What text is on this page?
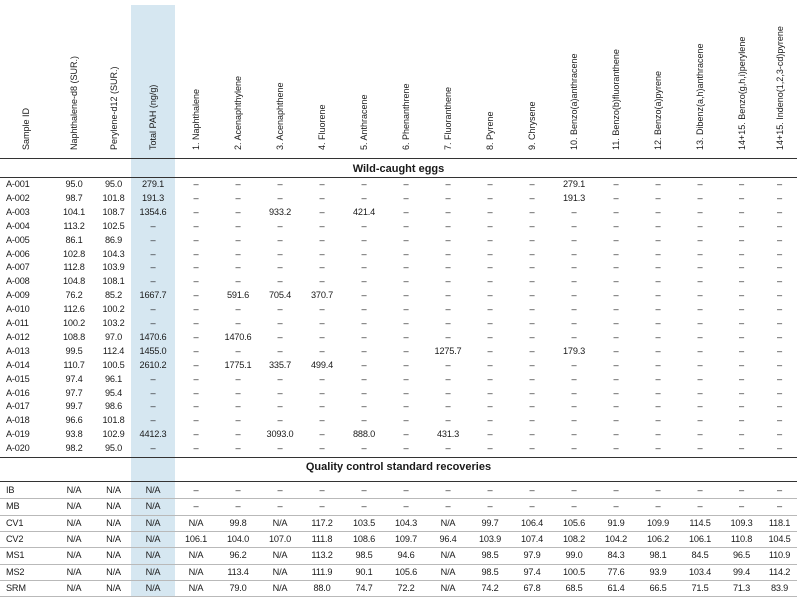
Sample ID	Naphthalene-d8 (SUR.)	Perylene-d12 (SUR.)	Total PAH (ng/g)	1. Naphthalene	2. Acenaphthylene	3. Acenaphthene	4. Fluorene	5. Anthracene	6. Phenanthrene	7. Fluoranthene	8. Pyrene	9. Chrysene	10. Benzo(a)anthracene	11. Benzo(b)fluoranthene	12. Benzo(a)pyrene	13. Dibenz(a,h)anthracene	14+15. Benzo(g,h,i)perylene	14+15. Indeno(1,2,3-cd)pyrene
Wild-caught eggs
A-001	95.0	95.0	279.1	–	–	–	–	–	–	–	–	–	279.1	–	–	–	–	–
A-002	98.7	101.8	191.3	–	–	–	–	–	–	–	–	–	191.3	–	–	–	–	–
A-003	104.1	108.7	1354.6	–	–	933.2	–	421.4	–	–	–	–	–	–	–	–	–	–
A-004	113.2	102.5	–	–	–	–	–	–	–	–	–	–	–	–	–	–	–	–
A-005	86.1	86.9	–	–	–	–	–	–	–	–	–	–	–	–	–	–	–	–
A-006	102.8	104.3	–	–	–	–	–	–	–	–	–	–	–	–	–	–	–	–
A-007	112.8	103.9	–	–	–	–	–	–	–	–	–	–	–	–	–	–	–	–
A-008	104.8	108.1	–	–	–	–	–	–	–	–	–	–	–	–	–	–	–	–
A-009	76.2	85.2	1667.7	–	591.6	705.4	370.7	–	–	–	–	–	–	–	–	–	–	–
A-010	112.6	100.2	–	–	–	–	–	–	–	–	–	–	–	–	–	–	–	–
A-011	100.2	103.2	–	–	–	–	–	–	–	–	–	–	–	–	–	–	–	–
A-012	108.8	97.0	1470.6	–	1470.6	–	–	–	–	–	–	–	–	–	–	–	–	–
A-013	99.5	112.4	1455.0	–	–	–	–	–	–	1275.7	–	–	179.3	–	–	–	–	–
A-014	110.7	100.5	2610.2	–	1775.1	335.7	499.4	–	–	–	–	–	–	–	–	–	–	–
A-015	97.4	96.1	–	–	–	–	–	–	–	–	–	–	–	–	–	–	–	–
A-016	97.7	95.4	–	–	–	–	–	–	–	–	–	–	–	–	–	–	–	–
A-017	99.7	98.6	–	–	–	–	–	–	–	–	–	–	–	–	–	–	–	–
A-018	96.6	101.8	–	–	–	–	–	–	–	–	–	–	–	–	–	–	–	–
A-019	93.8	102.9	4412.3	–	–	3093.0	–	888.0	–	431.3	–	–	–	–	–	–	–	–
A-020	98.2	95.0	–	–	–	–	–	–	–	–	–	–	–	–	–	–	–	–
Quality control standard recoveries
IB	N/A	N/A	N/A	–	–	–	–	–	–	–	–	–	–	–	–	–	–	–
MB	N/A	N/A	N/A	–	–	–	–	–	–	–	–	–	–	–	–	–	–	–
CV1	N/A	N/A	N/A	N/A	99.8	N/A	117.2	103.5	104.3	N/A	99.7	106.4	105.6	91.9	109.9	114.5	109.3	118.1
CV2	N/A	N/A	N/A	106.1	104.0	107.0	111.8	108.6	109.7	96.4	103.9	107.4	108.2	104.2	106.2	106.1	110.8	104.5
MS1	N/A	N/A	N/A	N/A	96.2	N/A	113.2	98.5	94.6	N/A	98.5	97.9	99.0	84.3	98.1	84.5	96.5	110.9
MS2	N/A	N/A	N/A	N/A	113.4	N/A	111.9	90.1	105.6	N/A	98.5	97.4	100.5	77.6	93.9	103.4	99.4	114.2
SRM	N/A	N/A	N/A	N/A	79.0	N/A	88.0	74.7	72.2	N/A	74.2	67.8	68.5	61.4	66.5	71.5	71.3	83.9
